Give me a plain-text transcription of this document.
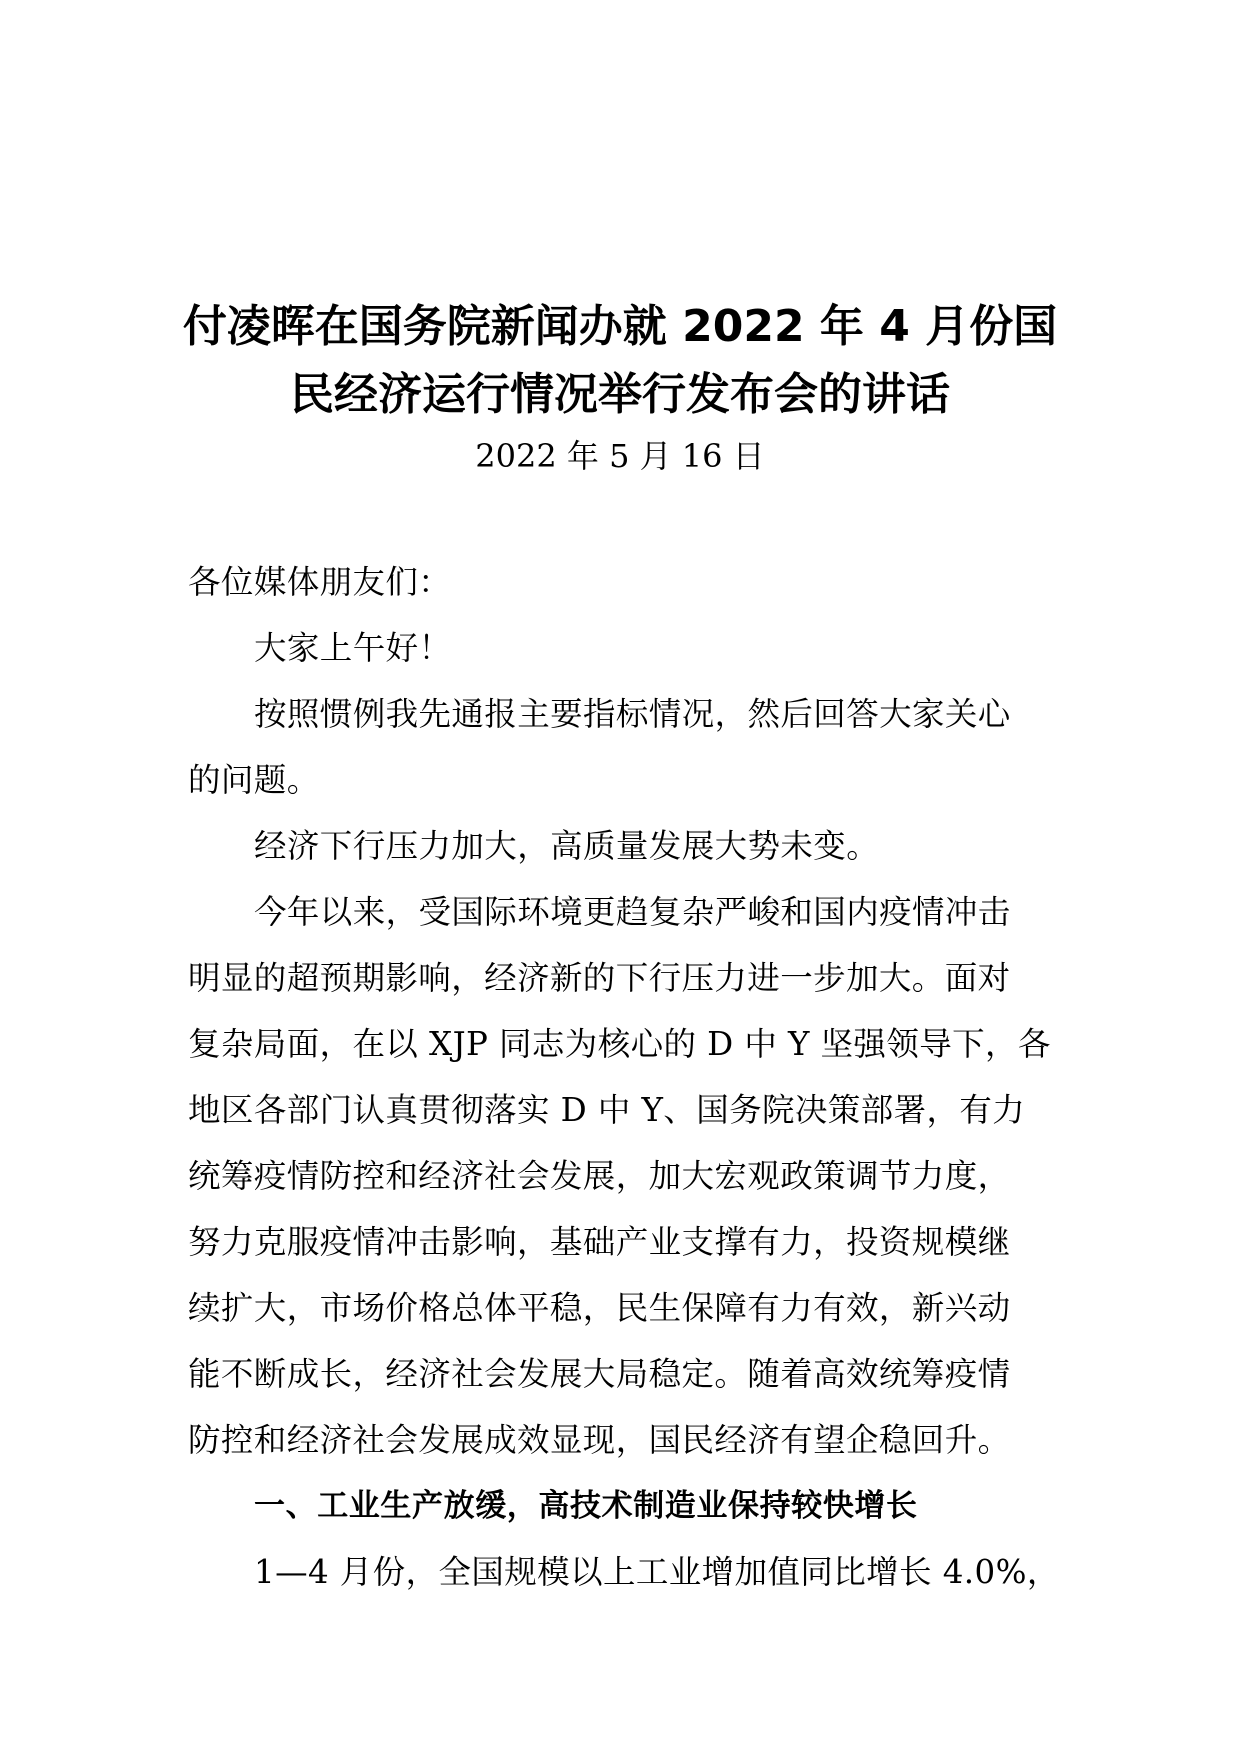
付凌晖在国务院新闻办就 2022 年 4 月份国
民经济运行情况举行发布会的讲话
2022 年 5 月 16 日
各位媒体朋友们：
大家上午好！
按照惯例我先通报主要指标情况，然后回答大家关心
的问题。
经济下行压力加大，高质量发展大势未变。
今年以来，受国际环境更趋复杂严峻和国内疫情冲击
明显的超预期影响，经济新的下行压力进一步加大。面对
复杂局面，在以 XJP 同志为核心的 D 中 Y 坚强领导下，各
地区各部门认真贯彻落实 D 中 Y、国务院决策部署，有力
统筹疫情防控和经济社会发展，加大宏观政策调节力度，
努力克服疫情冲击影响，基础产业支撑有力，投资规模继
续扩大，市场价格总体平稳，民生保障有力有效，新兴动
能不断成长，经济社会发展大局稳定。随着高效统筹疫情
防控和经济社会发展成效显现，国民经济有望企稳回升。
一、工业生产放缓，高技术制造业保持较快增长
1—4 月份，全国规模以上工业增加值同比增长 4.0%，
